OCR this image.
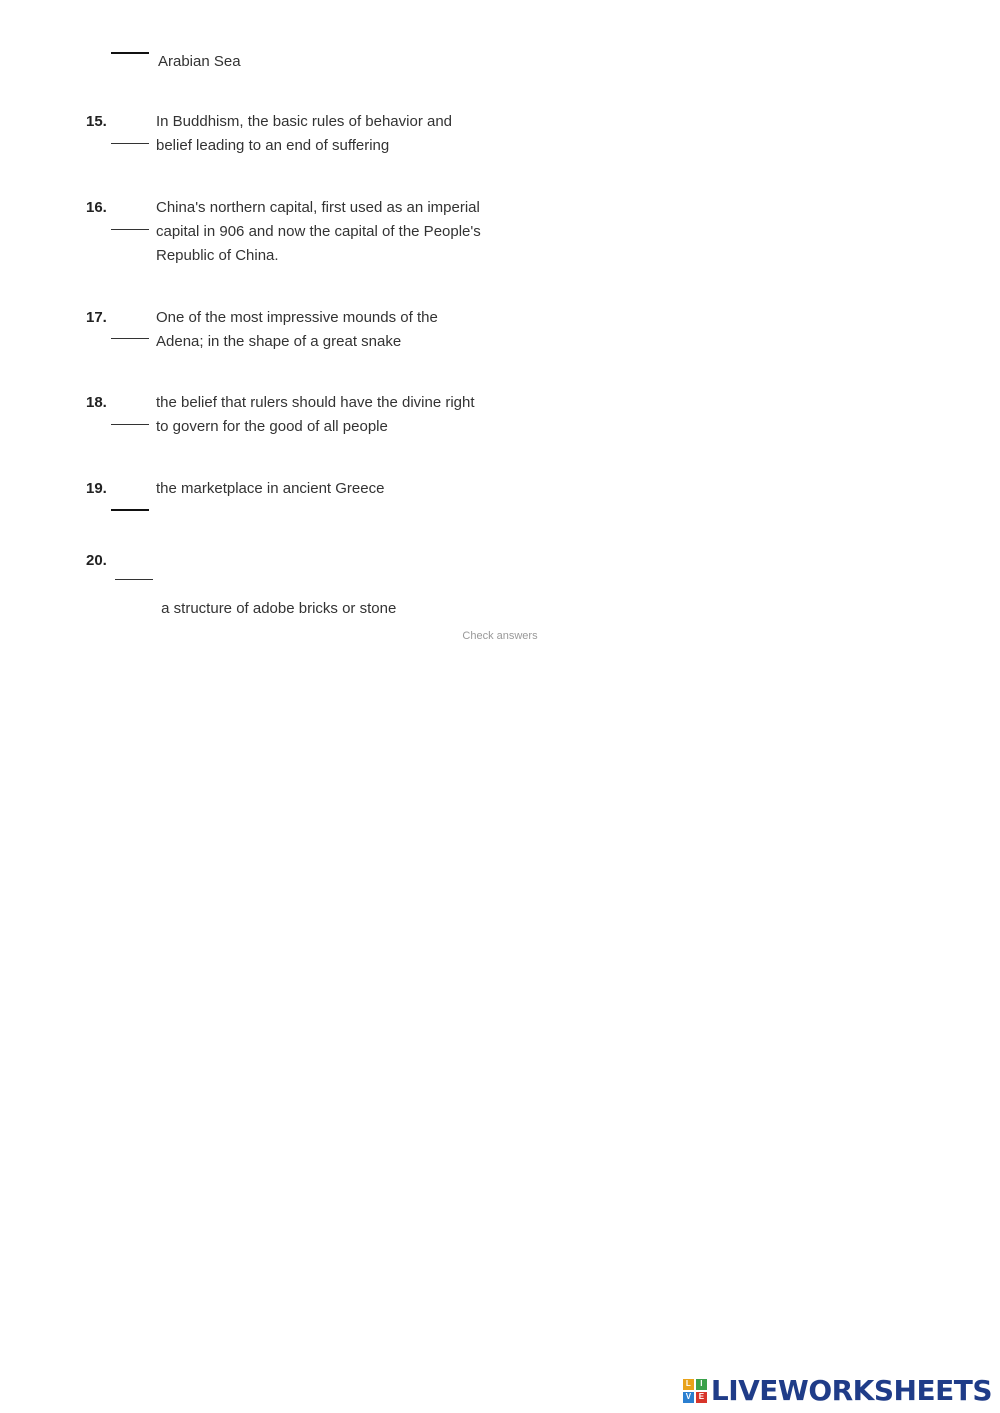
Arabian Sea
15.	In Buddhism, the basic rules of behavior and
belief leading to an end of suffering
16.	China's northern capital, first used as an imperial
capital in 906 and now the capital of the People's
Republic of China.
17.	One of the most impressive mounds of the
Adena; in the shape of a great snake
18.	the belief that rulers should have the divine right
to govern for the good of all people
19.	the marketplace in ancient Greece
20.

a structure of adobe bricks or stone

Check answers
L	I
V E LIVEWORKSHEETS
